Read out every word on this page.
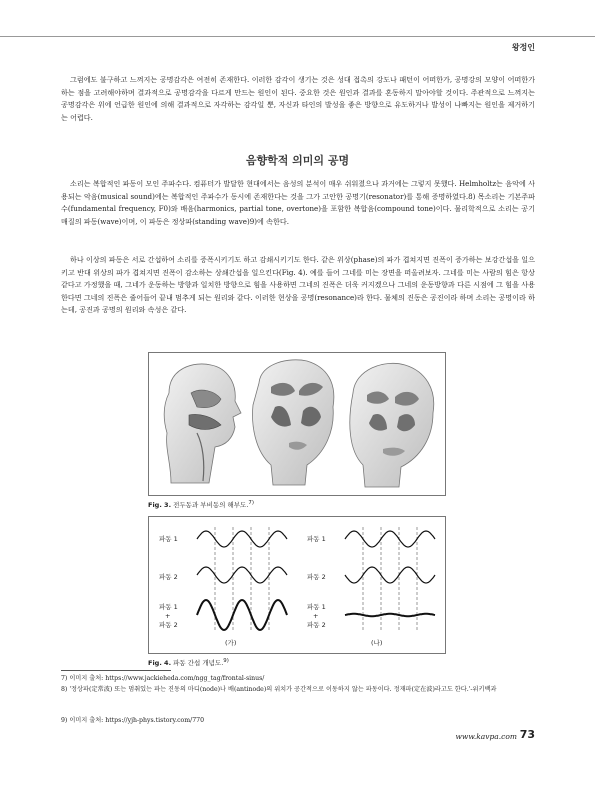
왕정인

그럼에도 불구하고 느껴지는 공명감각은 여전히 존재한다. 이러한 감각이 생기는 것은 성대 접촉의 강도나 패턴이 어떠한가, 공명강의 모양이 어떠한가 하는 점을 고려해야하며 결과적으로 공명감각을 다르게 만드는 원인이 된다. 중요한 것은 원인과 결과를 혼동하지 말아야할 것이다. 주관적으로 느껴지는 공명감각은 위에 언급한 원인에 의해 결과적으로 자각하는 감각일 뿐, 자신과 타인의 발성을 좋은 방향으로 유도하거나 발성이 나빠지는 원인을 제거하기는 어렵다.

음향학적 의미의 공명

소리는 복합적인 파동이 모인 주파수다. 컴퓨터가 발달한 현대에서는 음성의 분석이 매우 쉬워졌으나 과거에는 그렇지 못했다. Helmholtz는 음악에 사용되는 악음(musical sound)에는 복합적인 주파수가 동시에 존재한다는 것을 그가 고안한 공명기(resonator)를 통해 증명하였다.8) 목소리는 기본주파수(fundamental frequency, F0)와 배음(harmonics, partial tone, overtone)을 포함한 복합음(compound tone)이다. 물리학적으로 소리는 공기 매질의 파동(wave)이며, 이 파동은 정상파(standing wave)9)에 속한다.

하나 이상의 파동은 서로 간섭하여 소리를 증폭시키기도 하고 감쇄시키기도 한다. 같은 위상(phase)의 파가 겹쳐지면 진폭이 증가하는 보강간섭을 일으키고 반대 위상의 파가 겹쳐지면 진폭이 감소하는 상쇄간섭을 일으킨다(Fig. 4). 예를 들어 그네를 미는 장면을 떠올려보자. 그네를 미는 사람의 힘은 항상 같다고 가정했을 때, 그네가 운동하는 방향과 일치한 방향으로 힘을 사용하면 그네의 진폭은 더욱 커지겠으나 그네의 운동방향과 다른 시점에 그 힘을 사용한다면 그네의 진폭은 줄어들어 끝내 멈추게 되는 원리와 같다. 이러한 현상을 공명(resonance)라 한다. 물체의 진동은 공진이라 하며 소리는 공명이라 하는데, 공진과 공명의 원리와 속성은 같다.

Fig. 3. 전두동과 부비동의 해부도.$^{7)}$
파동 1
파동 2
파동 1
+
파동 2
(가)
파동 1
파동 2
파동 1
+
파동 2
(나)
Fig. 4. 파동 간섭 개념도.$^{9)}$
7) 이미지 출처: https://www.jackieheda.com/ngg_tag/frontal-sinus/
8) '정상파(定常波) 또는 멈춰있는 파는 진동의 마디(node)나 배(antinode)의 위치가 공간적으로 이동하지 않는 파동이다. 정재파(定在波)라고도 한다.'-위키백과
9) 이미지 출처: https://yjh-phys.tistory.com/770
www.kavpa.com 73
